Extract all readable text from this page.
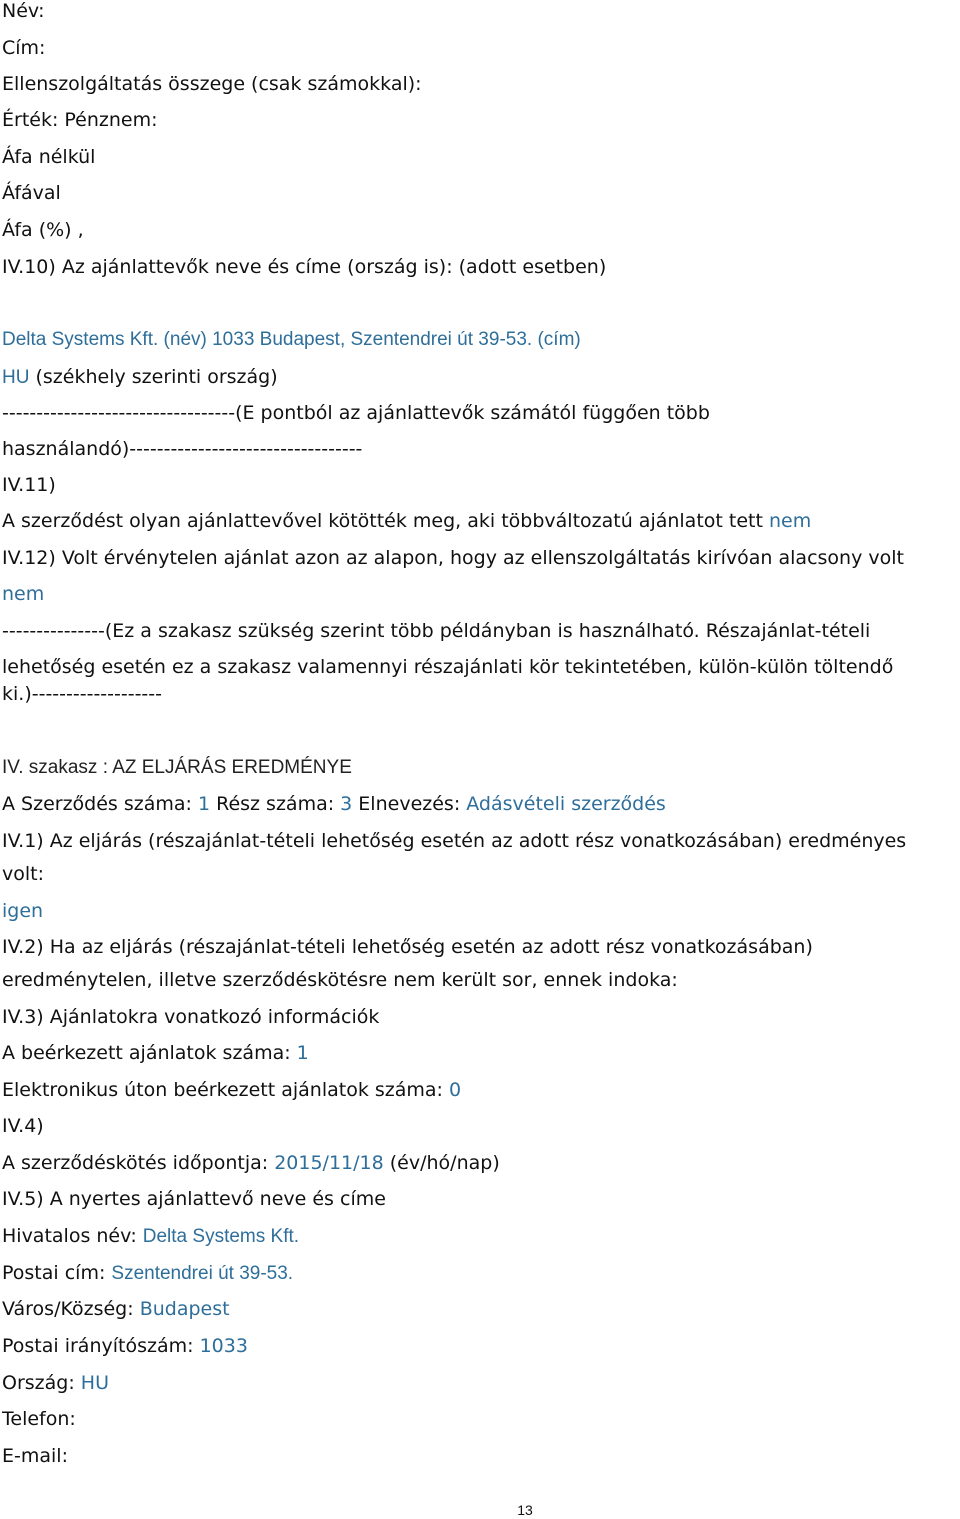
Név:
Cím:
Ellenszolgáltatás összege (csak számokkal):
Érték: Pénznem:
Áfa nélkül
Áfával
Áfa (%) ,
IV.10) Az ajánlattevők neve és címe (ország is): (adott esetben)
Delta Systems Kft. (név) 1033 Budapest, Szentendrei út 39-53. (cím)
HU (székhely szerinti ország)
----------------------------------(E pontból az ajánlattevők számától függően több
használandó)----------------------------------
IV.11)
A szerződést olyan ajánlattevővel kötötték meg, aki többváltozatú ajánlatot tett nem
IV.12) Volt érvénytelen ajánlat azon az alapon, hogy az ellenszolgáltatás kirívóan alacsony volt
nem
---------------(Ez a szakasz szükség szerint több példányban is használható. Részajánlat-tételi
lehetőség esetén ez a szakasz valamennyi részajánlati kör tekintetében, külön-külön töltendő
ki.)-------------------
IV. szakasz : AZ ELJÁRÁS EREDMÉNYE
A Szerződés száma: 1 Rész száma: 3 Elnevezés: Adásvételi szerződés
IV.1) Az eljárás (részajánlat-tételi lehetőség esetén az adott rész vonatkozásában) eredményes
volt:
igen
IV.2) Ha az eljárás (részajánlat-tételi lehetőség esetén az adott rész vonatkozásában)
eredménytelen, illetve szerződéskötésre nem került sor, ennek indoka:
IV.3) Ajánlatokra vonatkozó információk
A beérkezett ajánlatok száma: 1
Elektronikus úton beérkezett ajánlatok száma: 0
IV.4)
A szerződéskötés időpontja: 2015/11/18 (év/hó/nap)
IV.5) A nyertes ajánlattevő neve és címe
Hivatalos név: Delta Systems Kft.
Postai cím: Szentendrei út 39-53.
Város/Község: Budapest
Postai irányítószám: 1033
Ország: HU
Telefon:
E-mail:
13
